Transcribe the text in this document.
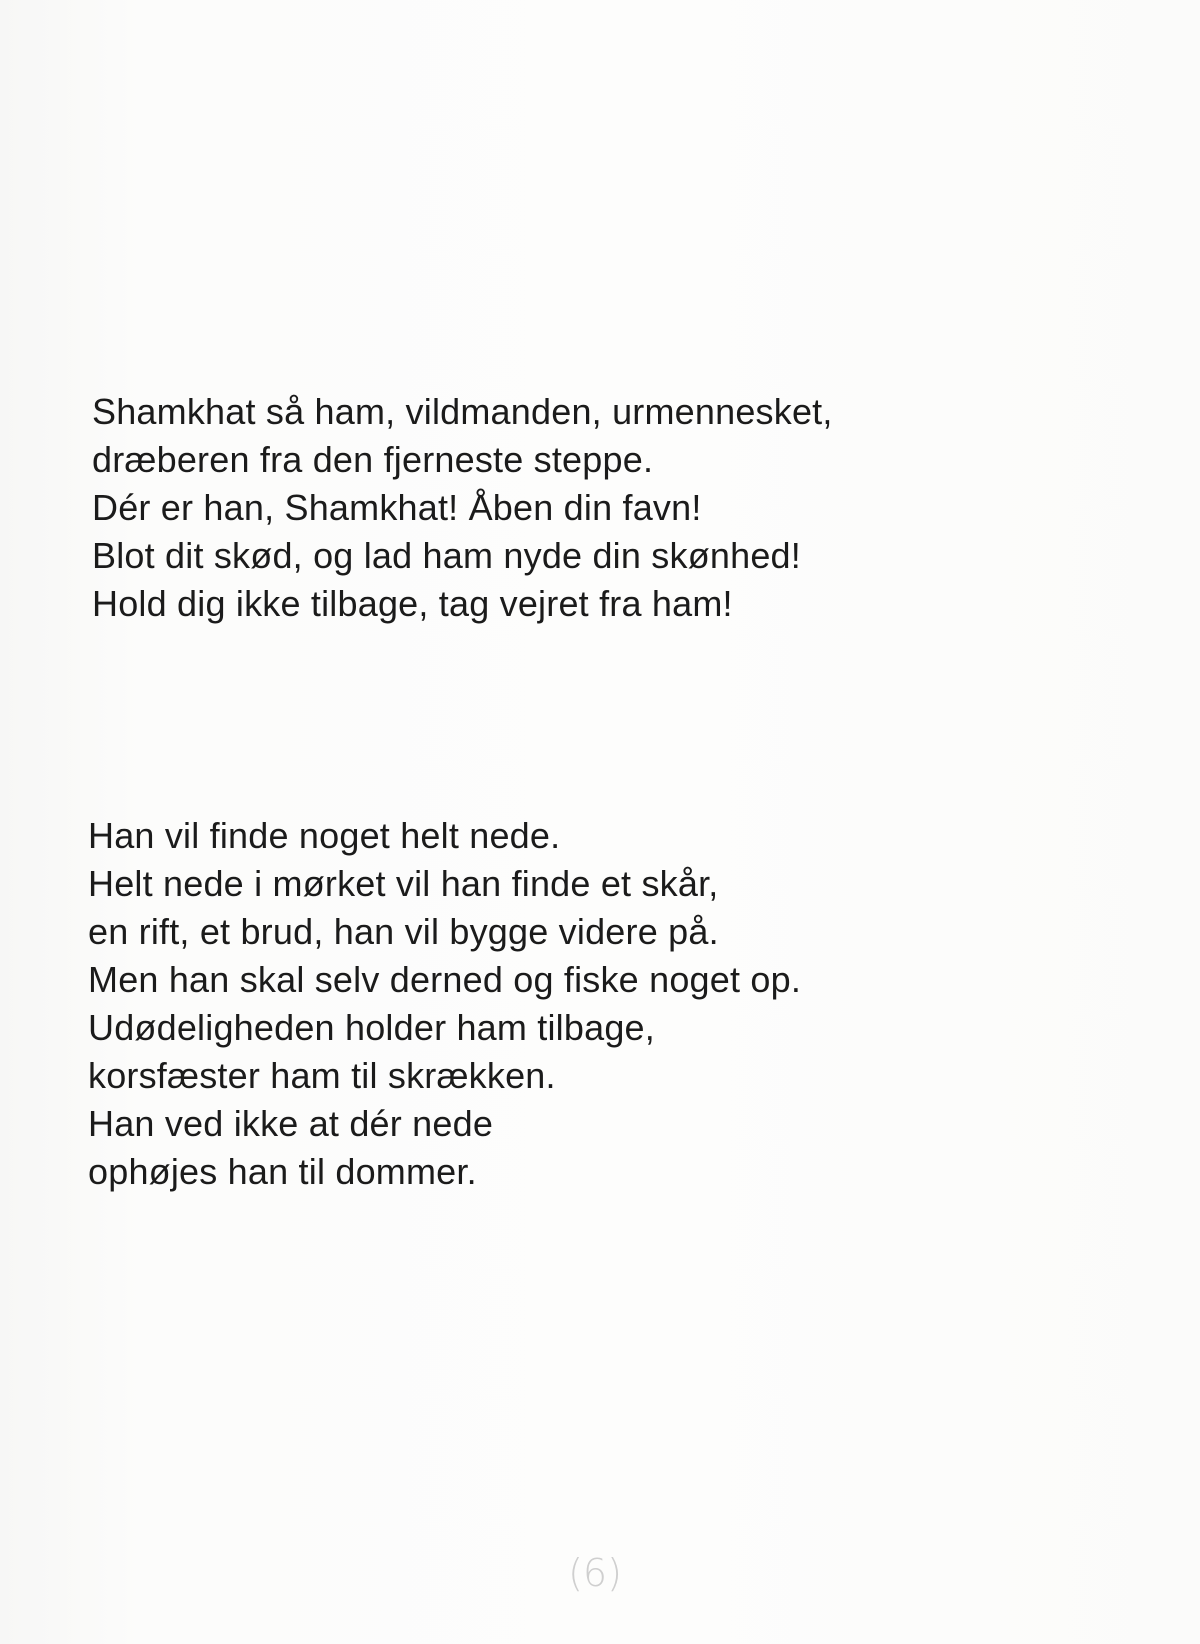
Shamkhat så ham, vildmanden, urmennesket,
dræberen fra den fjerneste steppe.
Dér er han, Shamkhat! Åben din favn!
Blot dit skød, og lad ham nyde din skønhed!
Hold dig ikke tilbage, tag vejret fra ham!
Han vil finde noget helt nede.
Helt nede i mørket vil han finde et skår,
en rift, et brud, han vil bygge videre på.
Men han skal selv derned og fiske noget op.
Udødeligheden holder ham tilbage,
korsfæster ham til skrækken.
Han ved ikke at dér nede
ophøjes han til dommer.
(6)
